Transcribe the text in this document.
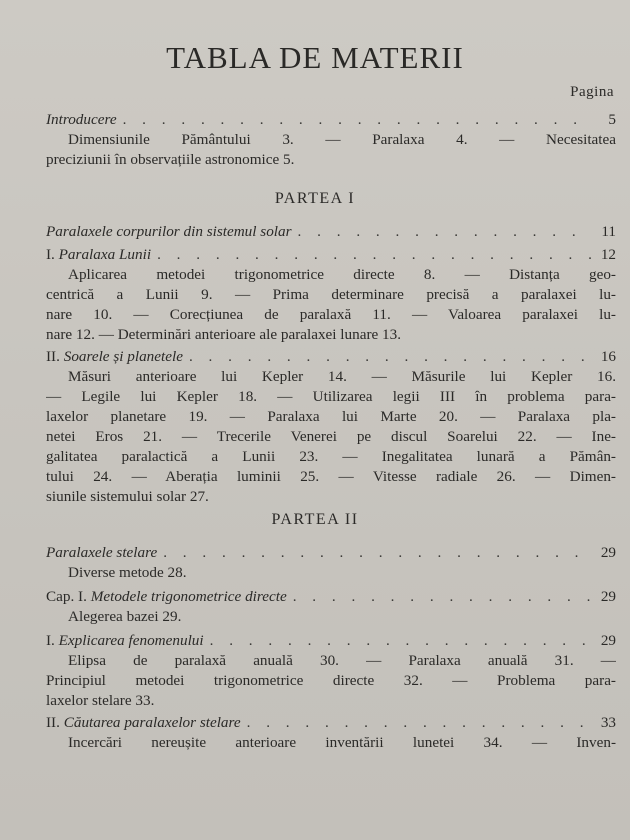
TABLA DE MATERII
Pagina
Introducere . . .	5
Dimensiunile Pământului 3. — Paralaxa 4. — Necesitatea
preciziunii în observațiile astronomice 5.
PARTEA I
Paralaxele corpurilor din sistemul solar . . .	11
I. Paralaxa Lunii . . .	12
Aplicarea metodei trigonometrice directe 8. — Distanța geo-
centrică a Lunii 9. — Prima determinare precisă a paralaxei lu-
nare 10. — Corecțiunea de paralaxă 11. — Valoarea paralaxei lu-
nare 12. — Determinări anterioare ale paralaxei lunare 13.
II. Soarele și planetele . . .	16
Măsuri anterioare lui Kepler 14. — Măsurile lui Kepler 16.
— Legile lui Kepler 18. — Utilizarea legii III în problema para-
laxelor planetare 19. — Paralaxa lui Marte 20. — Paralaxa pla-
netei Eros 21. — Trecerile Venerei pe discul Soarelui 22. — Ine-
galitatea paralactică a Lunii 23. — Inegalitatea lunară a Pămân-
tului 24. — Aberația luminii 25. — Vitesse radiale 26. — Dimen-
siunile sistemului solar 27.
PARTEA II
Paralaxele stelare . . .	29
Diverse metode 28.
Cap. I. Metodele trigonometrice directe . . .	29
Alegerea bazei 29.
I. Explicarea fenomenului . . .	29
Elipsa de paralaxă anuală 30. — Paralaxa anuală 31. —
Principiul metodei trigonometrice directe 32. — Problema para-
laxelor stelare 33.
II. Căutarea paralaxelor stelare . . .	33
Incercări nereușite anterioare inventării lunetei 34. — Inven-
